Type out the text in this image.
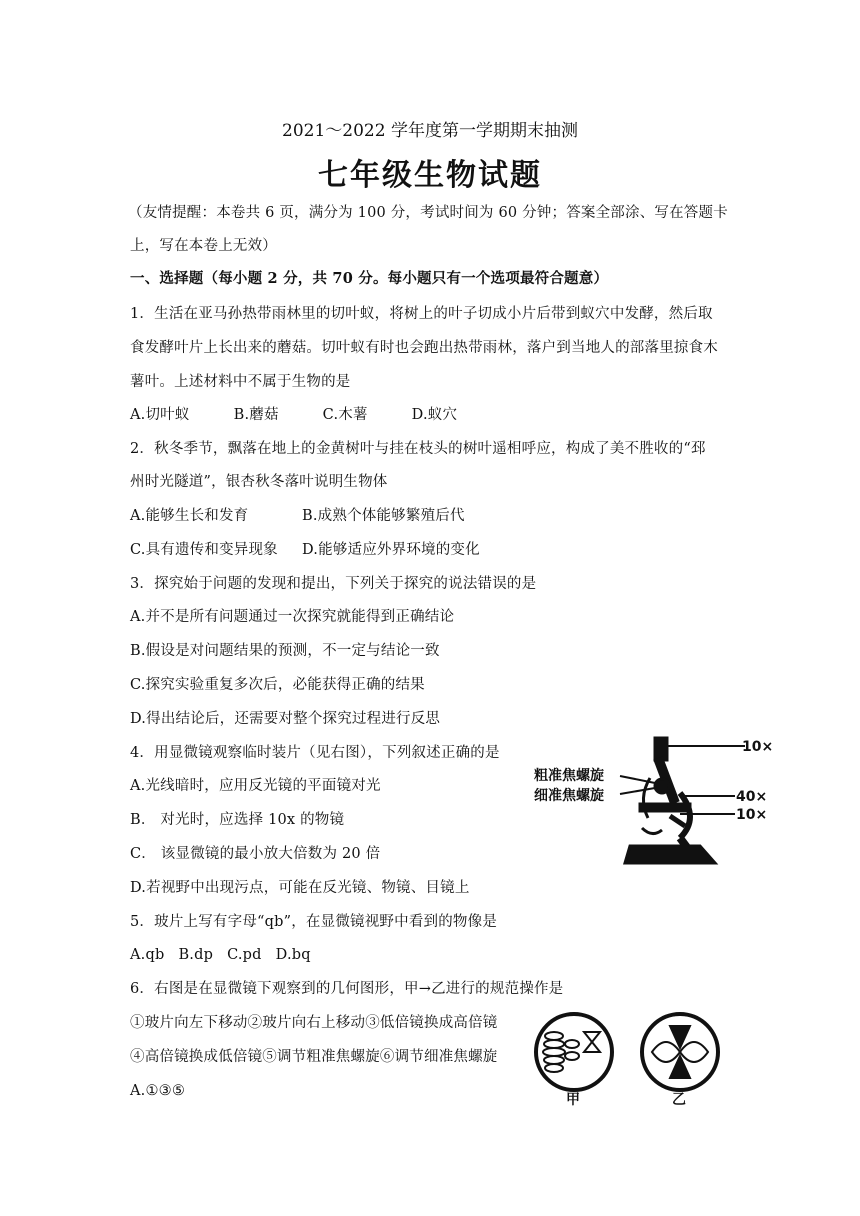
2021～2022 学年度第一学期期末抽测
七年级生物试题
（友情提醒：本卷共 6 页，满分为 100 分，考试时间为 60 分钟；答案全部涂、写在答题卡
上，写在本卷上无效）
一、选择题（每小题 2 分，共 70 分。每小题只有一个选项最符合题意）
1．生活在亚马孙热带雨林里的切叶蚁，将树上的叶子切成小片后带到蚁穴中发酵，然后取
食发酵叶片上长出来的蘑菇。切叶蚁有时也会跑出热带雨林，落户到当地人的部落里掠食木
薯叶。上述材料中不属于生物的是
A.切叶蚁	B.蘑菇	C.木薯	D.蚁穴
2．秋冬季节，飘落在地上的金黄树叶与挂在枝头的树叶遥相呼应，构成了美不胜收的“邳
州时光隧道”，银杏秋冬落叶说明生物体
A.能够生长和发育	B.成熟个体能够繁殖后代
C.具有遗传和变异现象 D.能够适应外界环境的变化
3．探究始于问题的发现和提出，下列关于探究的说法错误的是
A.并不是所有问题通过一次探究就能得到正确结论
B.假设是对问题结果的预测，不一定与结论一致
C.探究实验重复多次后，必能获得正确的结果
D.得出结论后，还需要对整个探究过程进行反思
4．用显微镜观察临时装片（见右图），下列叙述正确的是
A.光线暗时，应用反光镜的平面镜对光
B． 对光时，应选择 10x 的物镜
C． 该显微镜的最小放大倍数为 20 倍
D.若视野中出现污点，可能在反光镜、物镜、目镜上
10×
粗准焦螺旋
细准焦螺旋	40×
10×
5．玻片上写有字母“qb”，在显微镜视野中看到的物像是
A.qb B.dp C.pd D.bq
6．右图是在显微镜下观察到的几何图形，甲→乙进行的规范操作是
①玻片向左下移动②玻片向右上移动③低倍镜换成高倍镜
④高倍镜换成低倍镜⑤调节粗准焦螺旋⑥调节细准焦螺旋
A.①③⑤
甲	乙
